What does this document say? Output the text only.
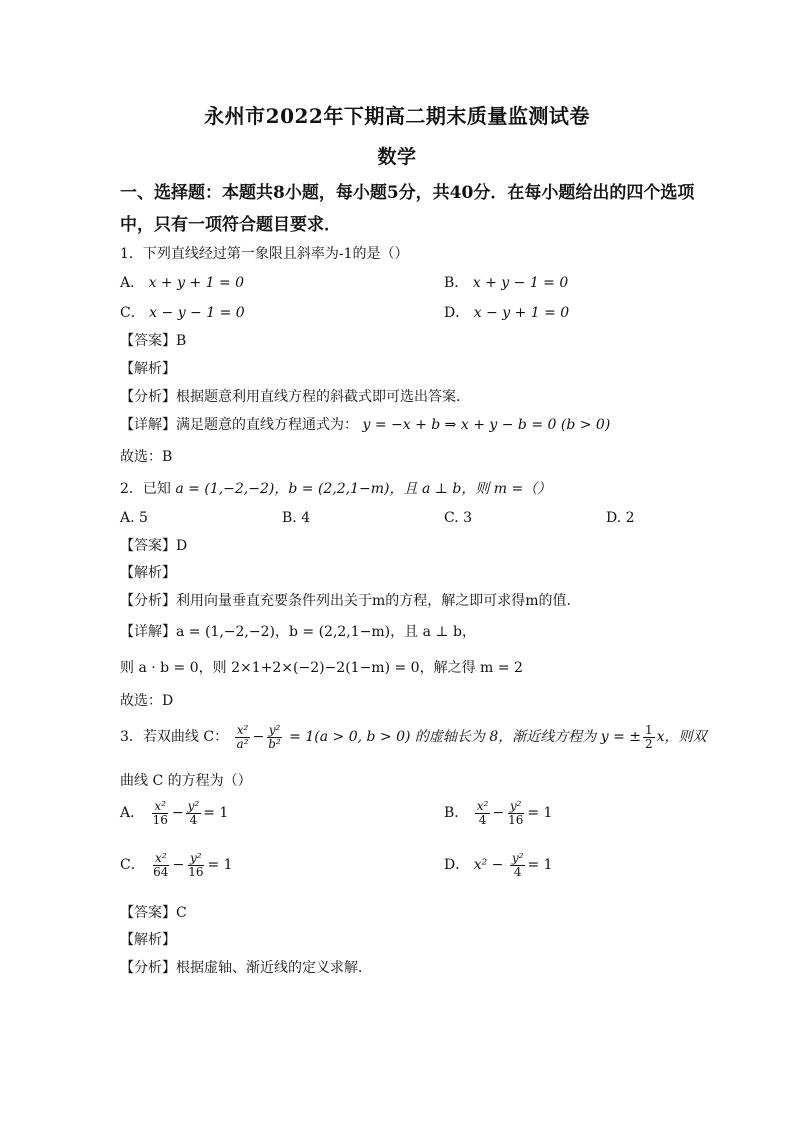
永州市2022年下期高二期末质量监测试卷
数学
一、选择题：本题共8小题，每小题5分，共40分．在每小题给出的四个选项
中，只有一项符合题目要求．
1．下列直线经过第一象限且斜率为-1的是（）
A． x + y + 1 = 0	B． x + y − 1 = 0
C． x − y − 1 = 0	D． x − y + 1 = 0
【答案】B
【解析】
【分析】根据题意利用直线方程的斜截式即可选出答案．
【详解】满足题意的直线方程通式为： y = −x + b ⇒ x + y − b = 0 (b > 0)
故选：B
2．已知 a = (1,−2,−2)，b = (2,2,1−m)，且 a ⊥ b，则 m =（）
A. 5	B. 4	C. 3	D. 2
【答案】D
【解析】
【分析】利用向量垂直充要条件列出关于m的方程，解之即可求得m的值．
【详解】a = (1,−2,−2)，b = (2,2,1−m)，且 a ⊥ b，
则 a · b = 0，则 2×1+2×(−2)−2(1−m) = 0，解之得 m = 2
故选：D
3．若双曲线 C： $\frac{\text{x²}}{\text{a²}} - \frac{\text{y²}}{\text{b²}} = 1(a > 0$, b > 0) 的虚轴长为 8，渐近线方程为 y = ± $\frac{1}{2}$ x，则双
曲线 C 的方程为（）
A． $\frac{\text{x²}}{16} - \frac{\text{y²}}{4} = 1$	B． $\frac{\text{x²}}{4} - \frac{\text{y²}}{16} = 1$
C． $\frac{\text{x²}}{64} - \frac{\text{y²}}{16} = 1$	D． $x^2 - \frac{\text{y²}}{4} = 1$
【答案】C
【解析】
【分析】根据虚轴、渐近线的定义求解．
